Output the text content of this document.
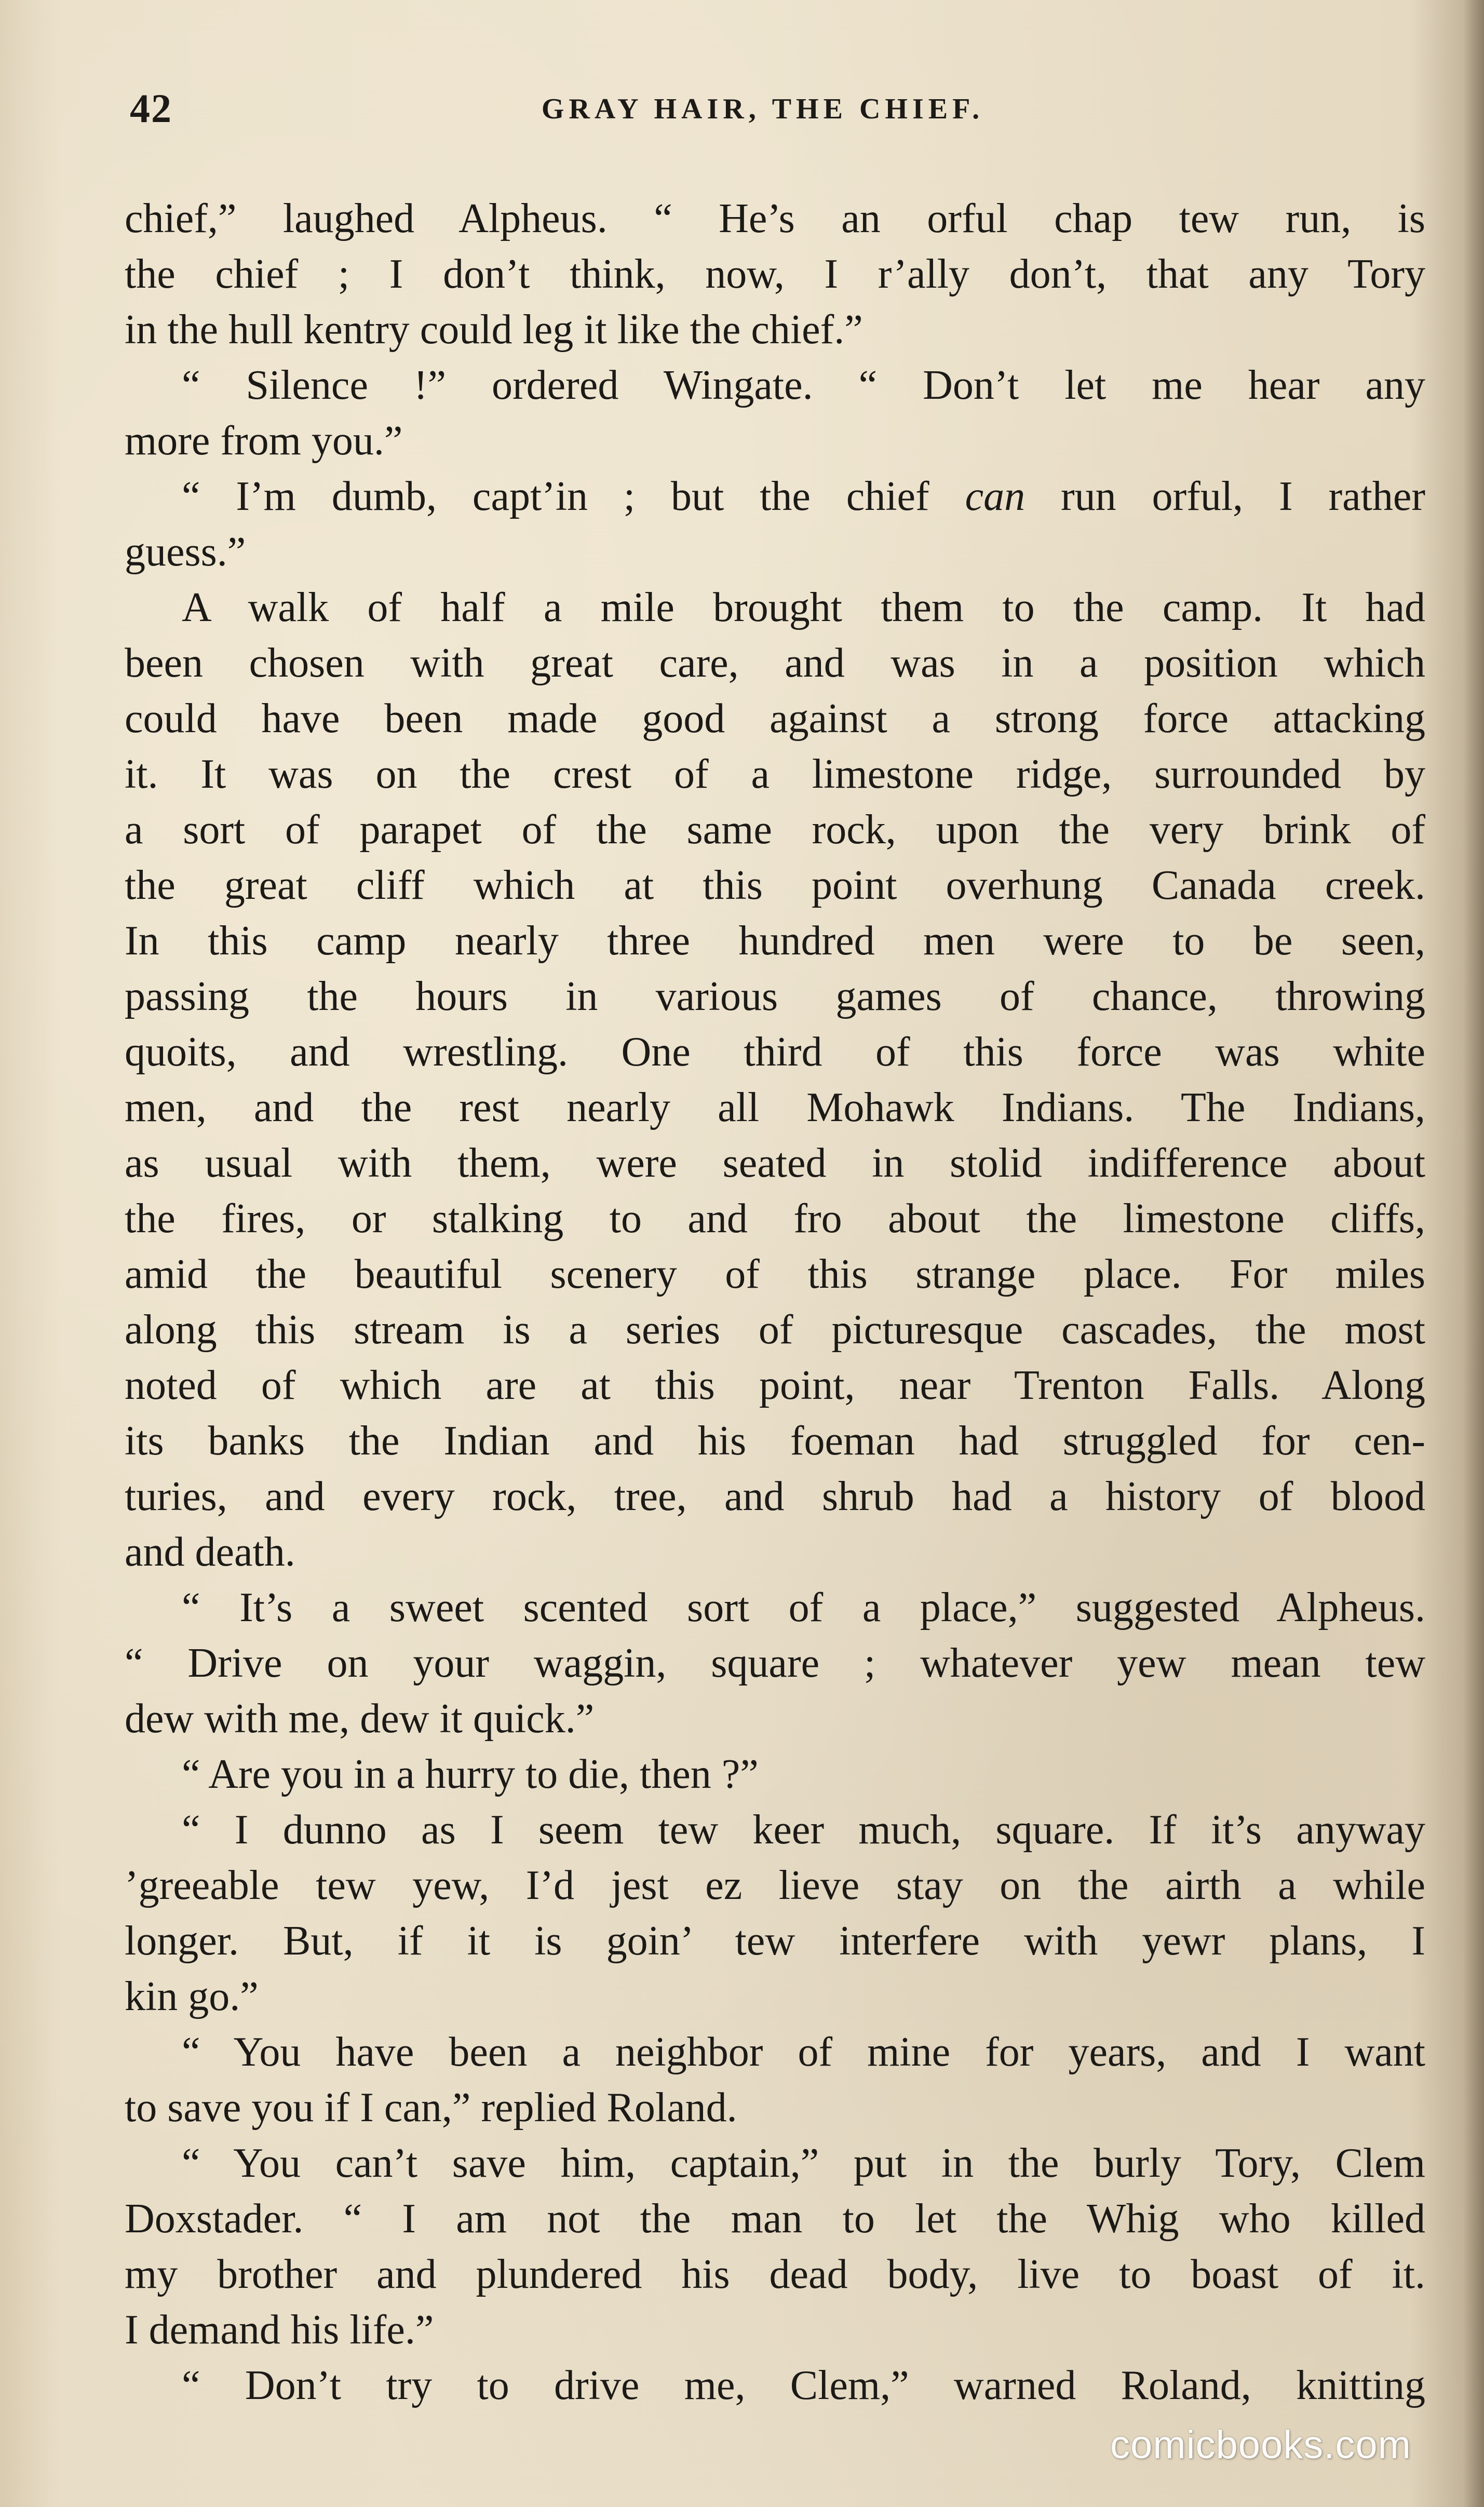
42	GRAY HAIR, THE CHIEF.
chief,” laughed Alpheus. “ He’s an orful chap tew run, is
the chief ; I don’t think, now, I r’ally don’t, that any Tory
in the hull kentry could leg it like the chief.”
“ Silence !” ordered Wingate. “ Don’t let me hear any
more from you.”
“ I’m dumb, capt’in ; but the chief can run orful, I rather
guess.”
A walk of half a mile brought them to the camp. It had
been chosen with great care, and was in a position which
could have been made good against a strong force attacking
it. It was on the crest of a limestone ridge, surrounded by
a sort of parapet of the same rock, upon the very brink of
the great cliff which at this point overhung Canada creek.
In this camp nearly three hundred men were to be seen,
passing the hours in various games of chance, throwing
quoits, and wrestling. One third of this force was white
men, and the rest nearly all Mohawk Indians. The Indians,
as usual with them, were seated in stolid indifference about
the fires, or stalking to and fro about the limestone cliffs,
amid the beautiful scenery of this strange place. For miles
along this stream is a series of picturesque cascades, the most
noted of which are at this point, near Trenton Falls. Along
its banks the Indian and his foeman had struggled for cen-
turies, and every rock, tree, and shrub had a history of blood
and death.
“ It’s a sweet scented sort of a place,” suggested Alpheus.
“ Drive on your waggin, square ; whatever yew mean tew
dew with me, dew it quick.”
“ Are you in a hurry to die, then ?”
“ I dunno as I seem tew keer much, square. If it’s anyway
’greeable tew yew, I’d jest ez lieve stay on the airth a while
longer. But, if it is goin’ tew interfere with yewr plans, I
kin go.”
“ You have been a neighbor of mine for years, and I want
to save you if I can,” replied Roland.
“ You can’t save him, captain,” put in the burly Tory, Clem
Doxstader. “ I am not the man to let the Whig who killed
my brother and plundered his dead body, live to boast of it.
I demand his life.”
“ Don’t try to drive me, Clem,” warned Roland, knitting
comicbooks.com
